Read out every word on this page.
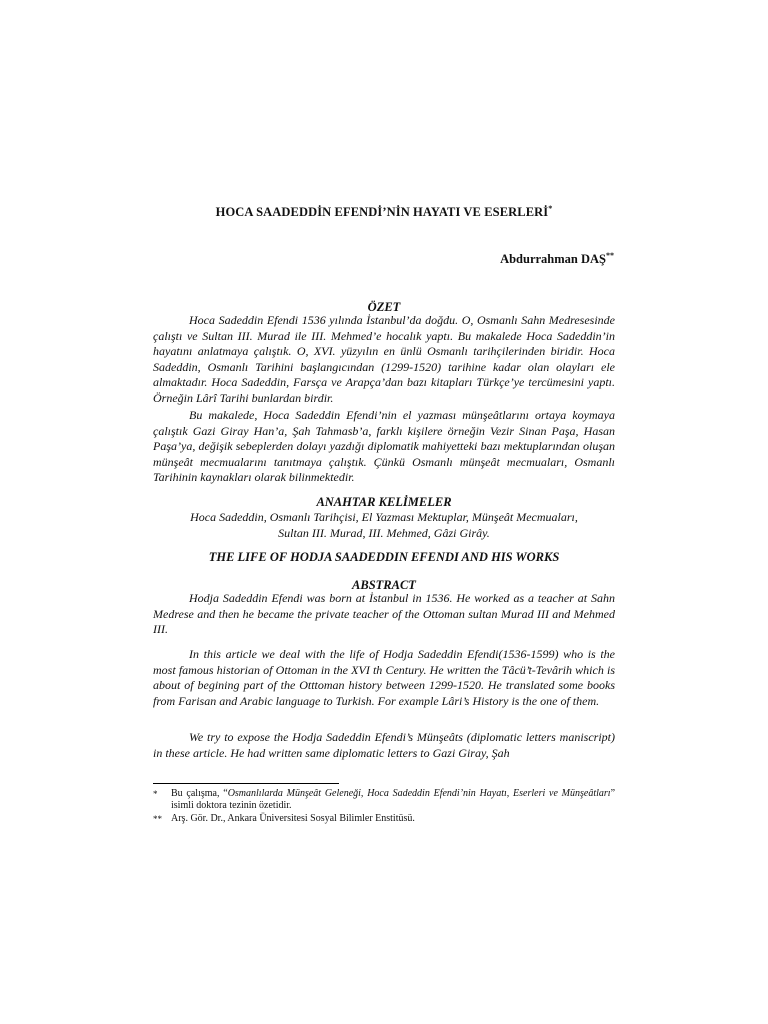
HOCA SAADEDDİN EFENDİ’NİN HAYATI VE ESERLERİ*
Abdurrahman DAŞ**
ÖZET

Hoca Sadeddin Efendi 1536 yılında İstanbul’da doğdu. O, Osmanlı Sahn Medresesinde çalıştı ve Sultan III. Murad ile III. Mehmed’e hocalık yaptı. Bu makalede Hoca Sadeddin’in hayatını anlatmaya çalıştık. O, XVI. yüzyılın en ünlü Osmanlı tarihçilerinden biridir. Hoca Sadeddin, Osmanlı Tarihini başlangıcından (1299-1520) tarihine kadar olan olayları ele almaktadır. Hoca Sadeddin, Farsça ve Arapça’dan bazı kitapları Türkçe’ye tercümesini yaptı. Örneğin Lârî Tarihi bunlardan birdir.

Bu makalede, Hoca Sadeddin Efendi’nin el yazması münşeâtlarını ortaya koymaya çalıştık Gazi Giray Han’a, Şah Tahmasb’a, farklı kişilere örneğin Vezir Sinan Paşa, Hasan Paşa’ya, değişik sebeplerden dolayı yazdığı diplomatik mahiyetteki bazı mektuplarından oluşan münşeât mecmualarını tanıtmaya çalıştık. Çünkü Osmanlı münşeât mecmuaları, Osmanlı Tarihinin kaynakları olarak bilinmektedir.

ANAHTAR KELİMELER
Hoca Sadeddin, Osmanlı Tarihçisi, El Yazması Mektuplar, Münşeât Mecmuaları,
Sultan III. Murad, III. Mehmed, Gâzi Girây.
THE LIFE OF HODJA SAADEDDIN EFENDI AND HIS WORKS
ABSTRACT

Hodja Sadeddin Efendi was born at İstanbul in 1536. He worked as a teacher at Sahn Medrese and then he became the private teacher of the Ottoman sultan Murad III and Mehmed III.

In this article we deal with the life of Hodja Sadeddin Efendi(1536-1599) who is the most famous historian of Ottoman in the XVI th Century. He written the Tâcü’t-Tevârih which is about of begining part of the Otttoman history between 1299-1520. He translated some books from Farisan and Arabic language to Turkish. For example Lâri’s History is the one of them.

We try to expose the Hodja Sadeddin Efendi’s Münşeâts (diplomatic letters maniscript) in these article. He had written same diplomatic letters to Gazi Giray, Şah

* Bu çalışma, “Osmanlılarda Münşeât Geleneği, Hoca Sadeddin Efendi’nin Hayatı, Eserleri ve Münşeâtları” isimli doktora tezinin özetidir.
** Arş. Gör. Dr., Ankara Üniversitesi Sosyal Bilimler Enstitüsü.
